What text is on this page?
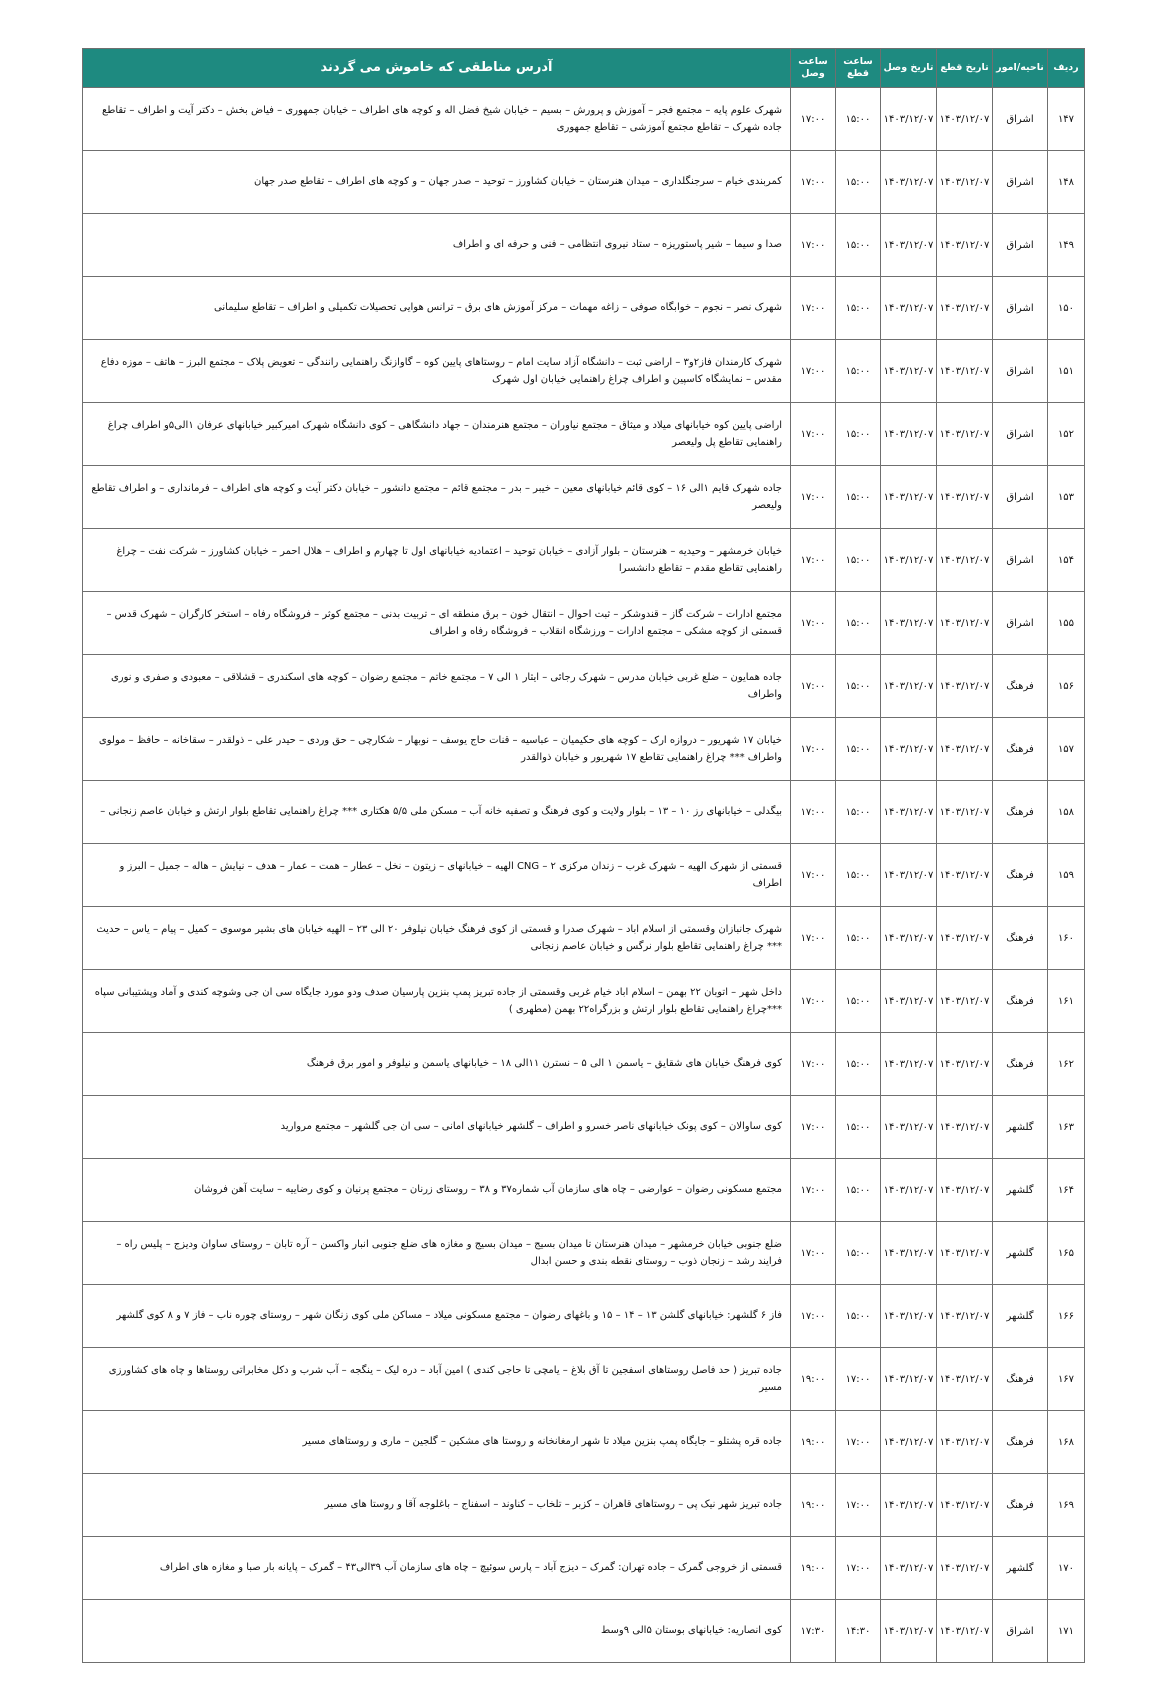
ردیف	ناحیه/امور	تاریخ قطع	تاریخ وصل	ساعت قطع	ساعت وصل	آدرس مناطقی که خاموش می گردند
۱۴۷	اشراق	۱۴۰۳/۱۲/۰۷	۱۴۰۳/۱۲/۰۷	۱۵:۰۰	۱۷:۰۰	شهرک علوم پایه – مجتمع فجر – آموزش و پرورش – بسیم – خیابان شیخ فضل اله و کوچه های اطراف – خیابان جمهوری – فیاض بخش – دکتر آیت و اطراف – تقاطع جاده شهرک – تقاطع مجتمع آموزشی – تقاطع جمهوری
۱۴۸	اشراق	۱۴۰۳/۱۲/۰۷	۱۴۰۳/۱۲/۰۷	۱۵:۰۰	۱۷:۰۰	کمربندی خیام – سرجنگلداری – میدان هنرستان – خیابان کشاورز – توحید – صدر جهان – و کوچه های اطراف – تقاطع صدر جهان
۱۴۹	اشراق	۱۴۰۳/۱۲/۰۷	۱۴۰۳/۱۲/۰۷	۱۵:۰۰	۱۷:۰۰	صدا و سیما – شیر پاستوریزه – ستاد نیروی انتظامی – فنی و حرفه ای و اطراف
۱۵۰	اشراق	۱۴۰۳/۱۲/۰۷	۱۴۰۳/۱۲/۰۷	۱۵:۰۰	۱۷:۰۰	شهرک نصر – نجوم – خوابگاه صوفی – زاغه مهمات – مرکز آموزش های برق – ترانس هوایی تحصیلات تکمیلی و اطراف – تقاطع سلیمانی
۱۵۱	اشراق	۱۴۰۳/۱۲/۰۷	۱۴۰۳/۱۲/۰۷	۱۵:۰۰	۱۷:۰۰	شهرک کارمندان فاز۲و۳ – اراضی ثبت – دانشگاه آزاد سایت امام – روستاهای پایین کوه – گاوازنگ راهنمایی رانندگی – تعویض پلاک – مجتمع البرز – هاتف – موزه دفاع مقدس – نمایشگاه کاسپین و اطراف چراغ راهنمایی خیابان اول شهرک
۱۵۲	اشراق	۱۴۰۳/۱۲/۰۷	۱۴۰۳/۱۲/۰۷	۱۵:۰۰	۱۷:۰۰	اراضی پایین کوه خیابانهای میلاد و میثاق – مجتمع نیاوران – مجتمع هنرمندان – جهاد دانشگاهی – کوی دانشگاه شهرک امیرکبیر خیابانهای عرفان ۱الی۵و اطراف چراغ راهنمایی تقاطع پل ولیعصر
۱۵۳	اشراق	۱۴۰۳/۱۲/۰۷	۱۴۰۳/۱۲/۰۷	۱۵:۰۰	۱۷:۰۰	جاده شهرک قایم ۱الی ۱۶ – کوی قائم خیابانهای معین – خیبر – بدر – مجتمع قائم – مجتمع دانشور – خیابان دکتر آیت و کوچه های اطراف – فرمانداری – و اطراف تقاطع ولیعصر
۱۵۴	اشراق	۱۴۰۳/۱۲/۰۷	۱۴۰۳/۱۲/۰۷	۱۵:۰۰	۱۷:۰۰	خیابان خرمشهر – وحیدیه – هنرستان – بلوار آزادی – خیابان توحید – اعتمادیه خیابانهای اول تا چهارم و اطراف – هلال احمر – خیابان کشاورز – شرکت نفت – چراغ راهنمایی تقاطع مقدم – تقاطع دانشسرا
۱۵۵	اشراق	۱۴۰۳/۱۲/۰۷	۱۴۰۳/۱۲/۰۷	۱۵:۰۰	۱۷:۰۰	مجتمع ادارات – شرکت گاز – قندوشکر – ثبت احوال – انتقال خون – برق منطقه ای – تربیت بدنی – مجتمع کوثر – فروشگاه رفاه – استخر کارگران – شهرک قدس – قسمتی از کوچه مشکی – مجتمع ادارات – ورزشگاه انقلاب – فروشگاه رفاه و اطراف
۱۵۶	فرهنگ	۱۴۰۳/۱۲/۰۷	۱۴۰۳/۱۲/۰۷	۱۵:۰۰	۱۷:۰۰	جاده همایون – ضلع غربی خیابان مدرس – شهرک رجائی – ایثار ۱ الی ۷ – مجتمع خاتم – مجتمع رضوان – کوچه های اسکندری – قشلاقی – معبودی و صفری و نوری واطراف
۱۵۷	فرهنگ	۱۴۰۳/۱۲/۰۷	۱۴۰۳/۱۲/۰۷	۱۵:۰۰	۱۷:۰۰	خیابان ۱۷ شهریور – دروازه ارک – کوچه های حکیمیان – عباسیه – قنات حاج یوسف – نوبهار – شکارچی – حق وردی – حیدر علی – ذولقدر – سقاخانه – حافظ – مولوی واطراف *** چراغ راهنمایی تقاطع ۱۷ شهریور و خیابان ذوالقدر
۱۵۸	فرهنگ	۱۴۰۳/۱۲/۰۷	۱۴۰۳/۱۲/۰۷	۱۵:۰۰	۱۷:۰۰	بیگدلی – خیابانهای رز ۱۰ – ۱۳ – بلوار ولایت و کوی فرهنگ و تصفیه خانه آب – مسکن ملی ۵/۵ هکتاری *** چراغ راهنمایی تقاطع بلوار ارتش و خیابان عاصم زنجانی –
۱۵۹	فرهنگ	۱۴۰۳/۱۲/۰۷	۱۴۰۳/۱۲/۰۷	۱۵:۰۰	۱۷:۰۰	قسمتی از شهرک الهیه – شهرک غرب – زندان مرکزی ۲ – CNG الهیه – خیابانهای – زیتون – نخل – عطار – همت – عمار – هدف – نیایش – هاله – جمیل – البرز و اطراف
۱۶۰	فرهنگ	۱۴۰۳/۱۲/۰۷	۱۴۰۳/۱۲/۰۷	۱۵:۰۰	۱۷:۰۰	شهرک جانبازان وقسمتی از اسلام اباد – شهرک صدرا و قسمتی از کوی فرهنگ خیابان نیلوفر ۲۰ الی ۲۳ – الهیه خیابان های بشیر موسوی – کمیل – پیام – یاس – حدیث *** چراغ راهنمایی تقاطع بلوار نرگس و خیابان عاصم زنجانی
۱۶۱	فرهنگ	۱۴۰۳/۱۲/۰۷	۱۴۰۳/۱۲/۰۷	۱۵:۰۰	۱۷:۰۰	داخل شهر – اتوبان ۲۲ بهمن – اسلام اباد خیام غربی وقسمتی از جاده تبریز پمپ بنزین پارسیان صدف ودو مورد جایگاه سی ان جی وشوچه کندی و آماد وپشتیبانی سپاه ***چراغ راهنمایی تقاطع بلوار ارتش و بزرگراه۲۲ بهمن (مطهری )
۱۶۲	فرهنگ	۱۴۰۳/۱۲/۰۷	۱۴۰۳/۱۲/۰۷	۱۵:۰۰	۱۷:۰۰	کوی فرهنگ خیابان های شقایق – یاسمن ۱ الی ۵ – نسترن ۱۱الی ۱۸ – خیابانهای یاسمن و نیلوفر و امور برق فرهنگ
۱۶۳	گلشهر	۱۴۰۳/۱۲/۰۷	۱۴۰۳/۱۲/۰۷	۱۵:۰۰	۱۷:۰۰	کوی ساوالان – کوی پونک خیابانهای ناصر خسرو و اطراف – گلشهر خیابانهای امانی – سی ان جی گلشهر – مجتمع مروارید
۱۶۴	گلشهر	۱۴۰۳/۱۲/۰۷	۱۴۰۳/۱۲/۰۷	۱۵:۰۰	۱۷:۰۰	مجتمع مسکونی رضوان – عوارضی – چاه های سازمان آب شماره۳۷ و ۳۸ – روستای زرنان – مجتمع پرنیان و کوی رضاییه – سایت آهن فروشان
۱۶۵	گلشهر	۱۴۰۳/۱۲/۰۷	۱۴۰۳/۱۲/۰۷	۱۵:۰۰	۱۷:۰۰	ضلع جنوبی خیابان خرمشهر – میدان هنرستان تا میدان بسیج – میدان بسیج و مغازه های ضلع جنوبی انبار واکسن – آره تابان – روستای ساوان ودیزج – پلیس راه – فرایند رشد – زنجان ذوب – روستای نقطه بندی و حسن ابدال
۱۶۶	گلشهر	۱۴۰۳/۱۲/۰۷	۱۴۰۳/۱۲/۰۷	۱۵:۰۰	۱۷:۰۰	فاز ۶ گلشهر: خیابانهای گلشن ۱۳ – ۱۴ – ۱۵ و باغهای رضوان – مجتمع مسکونی میلاد – مساکن ملی کوی زنگان شهر – روستای چوره ناب – فاز ۷ و ۸ کوی گلشهر
۱۶۷	فرهنگ	۱۴۰۳/۱۲/۰۷	۱۴۰۳/۱۲/۰۷	۱۷:۰۰	۱۹:۰۰	جاده تبریز ( حد فاصل روستاهای اسفجین تا آق بلاغ – یامچی تا حاجی کندی ) امین آباد – دره لیک – ینگجه – آب شرب و دکل مخابراتی روستاها و چاه های کشاورزی مسیر
۱۶۸	فرهنگ	۱۴۰۳/۱۲/۰۷	۱۴۰۳/۱۲/۰۷	۱۷:۰۰	۱۹:۰۰	جاده قره پشتلو – جایگاه پمپ بنزین میلاد تا شهر ارمغانخانه و روستا های مشکین – گلجین – ماری و روستاهای مسیر
۱۶۹	فرهنگ	۱۴۰۳/۱۲/۰۷	۱۴۰۳/۱۲/۰۷	۱۷:۰۰	۱۹:۰۰	جاده تبریز شهر نیک پی – روستاهای قاهران – کزبر – تلخاب – کناوند – اسفناج – باغلوجه آقا و روستا های مسیر
۱۷۰	گلشهر	۱۴۰۳/۱۲/۰۷	۱۴۰۳/۱۲/۰۷	۱۷:۰۰	۱۹:۰۰	قسمتی از خروجی گمرک – جاده تهران: گمرک – دیزج آباد – پارس سوئیچ – چاه های سازمان آب ۳۹الی۴۳ – گمرک – پایانه بار صبا و مغازه های اطراف
۱۷۱	اشراق	۱۴۰۳/۱۲/۰۷	۱۴۰۳/۱۲/۰۷	۱۴:۳۰	۱۷:۳۰	کوی انصاریه: خیابانهای بوستان ۵الی ۹وسط
